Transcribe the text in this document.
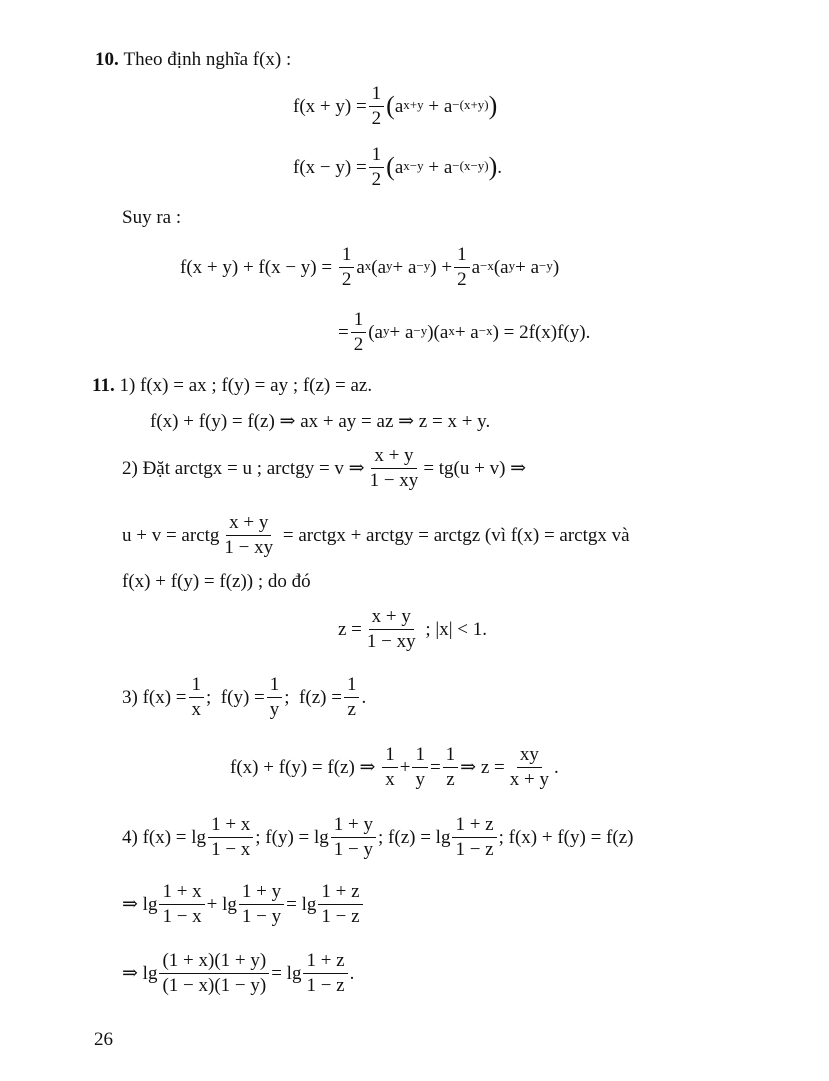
10.
Theo định nghĩa f(x) :
$f(x + y) = \frac{1}{2}$ ( $a^{x+y} + a^{-(x+y)}$ )
$f(x - y) = \frac{1}{2}$ ( $a^{x-y} + a^{-(x-y)}$ ) .
Suy ra :
f(x + y) + f(x − y) =
$\frac{1}{2} a^x$ ($a^y + a^{-y}$ ) + $\frac{1}{2} a^{-x}$ ($a^y + a^{-y}$ )
= $\frac{1}{2} (a^y + a^{-y}$ )($a^x + a^{-x}$ ) = 2f(x)f(y).
11.
1) f(x) = ax ; f(y) = ay ; f(z) = az.
f(x) + f(y) = f(z) ⇒ ax + ay = az ⇒ z = x + y.
2) Đặt arctgx = u ; arctgy = v ⇒ $\frac{x + y}{1 - xy} = tg(u + v)$ ⇒
u + v = arctg $\frac{x + y}{1 - xy}$
= arctgx + arctgy = arctgz (vì f(x) = arctgx và
f(x) + f(y) = f(z)) ; do đó
$z = \frac{x + y}{1 - xy}$
; |x| < 1.
3) $f(x) = \frac{1}{x}$ ;  $f(y) = \frac{1}{y}$ ;  $f(z) = \frac{1}{z}$ .
f(x) + f(y) = f(z) ⇒
$\frac{1}{x} + \frac{1}{y} = \frac{1}{z}$ ⇒ $z = \frac{xy}{x + y}$ .
4) $f(x) = \lg \frac{1 + x}{1 - x}$ ; $f(y) = \lg \frac{1 + y}{1 - y}$ ; $f(z) = \lg \frac{1 + z}{1 - z}$ ; f(x) + f(y) = f(z)
⇒ $\lg \frac{1 + x}{1 - x} + \lg \frac{1 + y}{1 - y} = \lg \frac{1 + z}{1 - z}$
⇒ $\lg \frac{(1 + x)(1 + y)}{(1 - x)(1 - y)} = \lg \frac{1 + z}{1 - z}$ .
26
